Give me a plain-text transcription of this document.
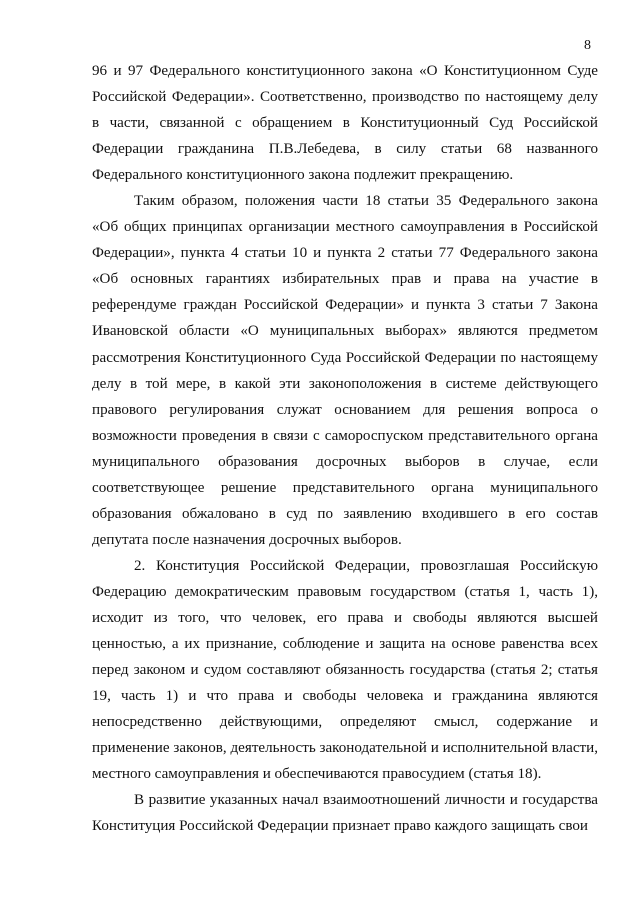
8

96 и 97 Федерального конституционного закона «О Конституционном Суде Российской Федерации». Соответственно, производство по настоящему делу в части, связанной с обращением в Конституционный Суд Российской Федерации гражданина П.В.Лебедева, в силу статьи 68 названного Федерального конституционного закона подлежит прекращению.

Таким образом, положения части 18 статьи 35 Федерального закона «Об общих принципах организации местного самоуправления в Российской Федерации», пункта 4 статьи 10 и пункта 2 статьи 77 Федерального закона «Об основных гарантиях избирательных прав и права на участие в референдуме граждан Российской Федерации» и пункта 3 статьи 7 Закона Ивановской области «О муниципальных выборах» являются предметом рассмотрения Конституционного Суда Российской Федерации по настоящему делу в той мере, в какой эти законоположения в системе действующего правового регулирования служат основанием для решения вопроса о возможности проведения в связи с самороспуском представительного органа муниципального образования досрочных выборов в случае, если соответствующее решение представительного органа муниципального образования обжаловано в суд по заявлению входившего в его состав депутата после назначения досрочных выборов.

2. Конституция Российской Федерации, провозглашая Российскую Федерацию демократическим правовым государством (статья 1, часть 1), исходит из того, что человек, его права и свободы являются высшей ценностью, а их признание, соблюдение и защита на основе равенства всех перед законом и судом составляют обязанность государства (статья 2; статья 19, часть 1) и что права и свободы человека и гражданина являются непосредственно действующими, определяют смысл, содержание и применение законов, деятельность законодательной и исполнительной власти, местного самоуправления и обеспечиваются правосудием (статья 18).

В развитие указанных начал взаимоотношений личности и государства Конституция Российской Федерации признает право каждого защищать свои
